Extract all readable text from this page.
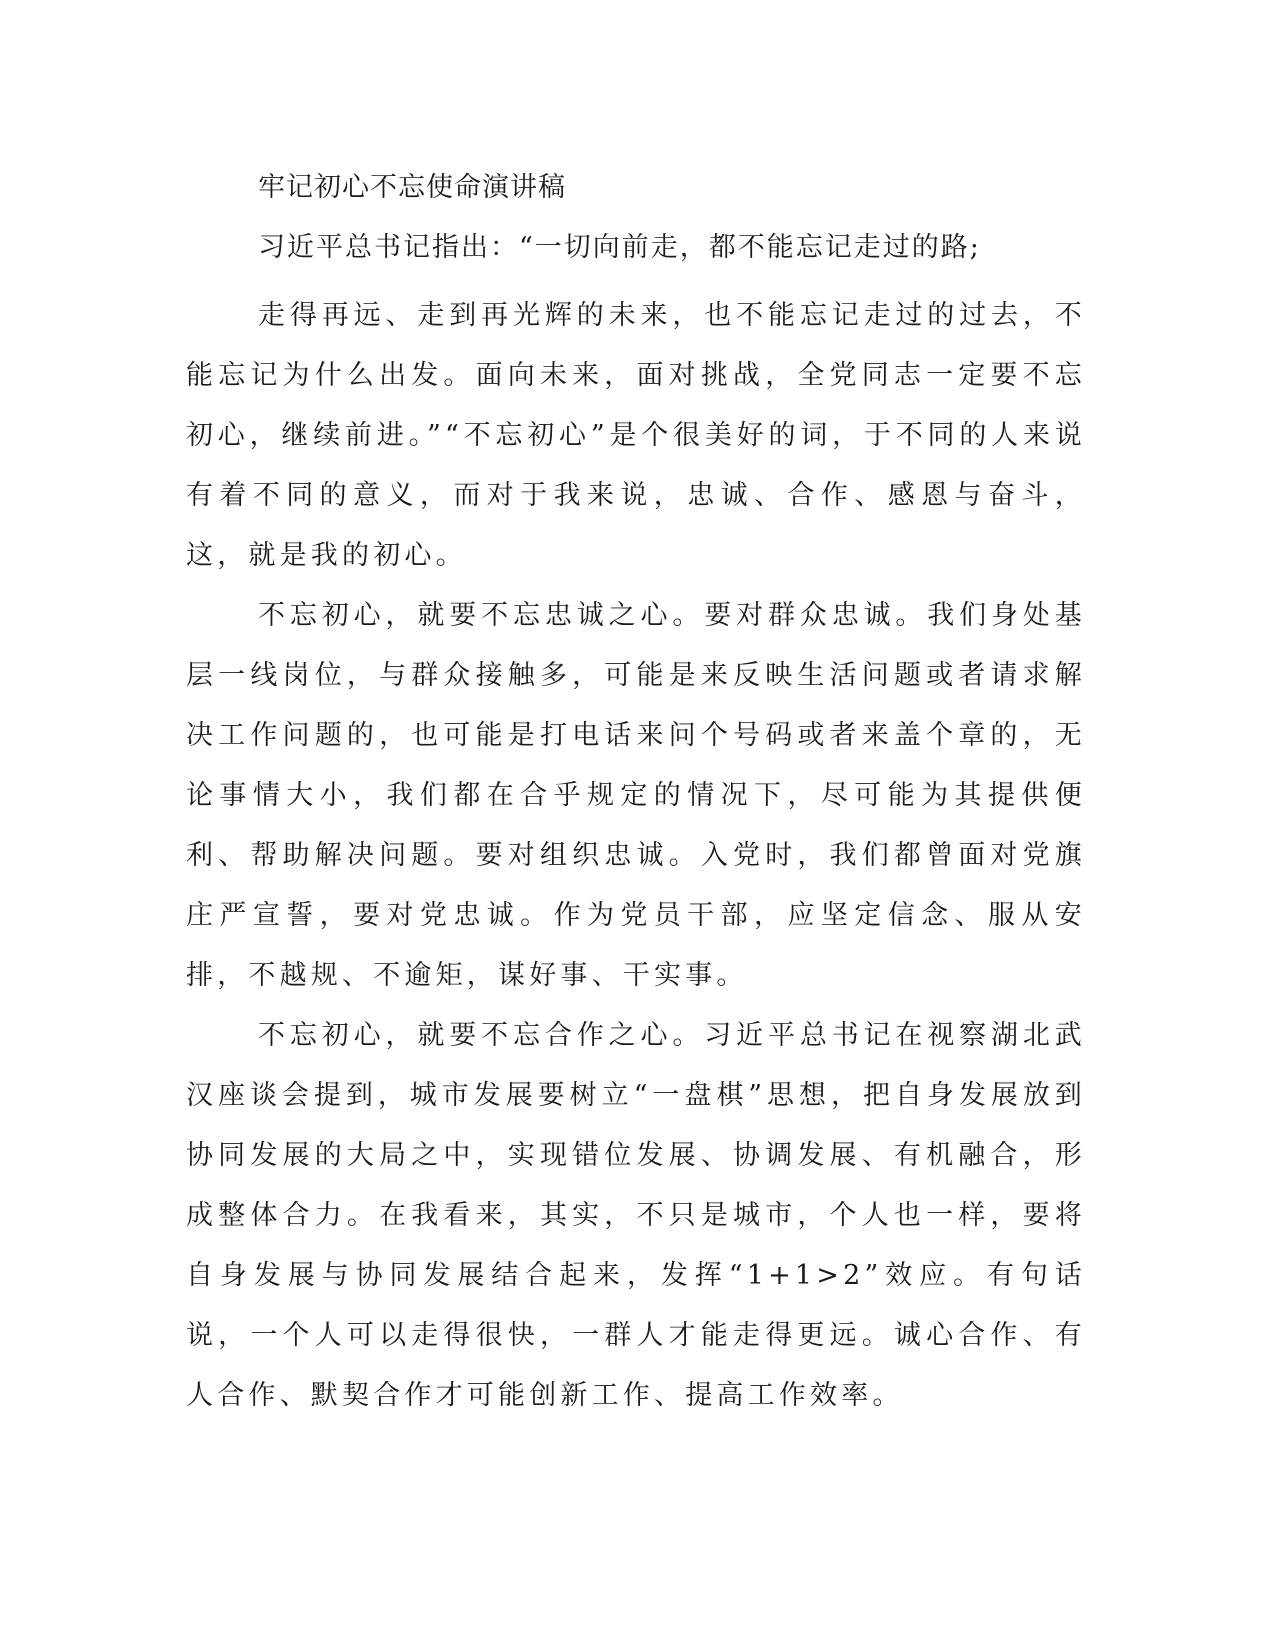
牢记初心不忘使命演讲稿
习近平总书记指出：“一切向前走，都不能忘记走过的路;

走得再远、走到再光辉的未来，也不能忘记走过的过去，不能忘记为什么出发。面向未来，面对挑战，全党同志一定要不忘初心，继续前进。”“不忘初心”是个很美好的词，于不同的人来说有着不同的意义，而对于我来说，忠诚、合作、感恩与奋斗，这，就是我的初心。

不忘初心，就要不忘忠诚之心。要对群众忠诚。我们身处基层一线岗位，与群众接触多，可能是来反映生活问题或者请求解决工作问题的，也可能是打电话来问个号码或者来盖个章的，无论事情大小，我们都在合乎规定的情况下，尽可能为其提供便利、帮助解决问题。要对组织忠诚。入党时，我们都曾面对党旗庄严宣誓，要对党忠诚。作为党员干部，应坚定信念、服从安排，不越规、不逾矩，谋好事、干实事。

不忘初心，就要不忘合作之心。习近平总书记在视察湖北武汉座谈会提到，城市发展要树立“一盘棋”思想，把自身发展放到协同发展的大局之中，实现错位发展、协调发展、有机融合，形成整体合力。在我看来，其实，不只是城市，个人也一样，要将自身发展与协同发展结合起来，发挥“1+1>2”效应。有句话说，一个人可以走得很快，一群人才能走得更远。诚心合作、有人合作、默契合作才可能创新工作、提高工作效率。
